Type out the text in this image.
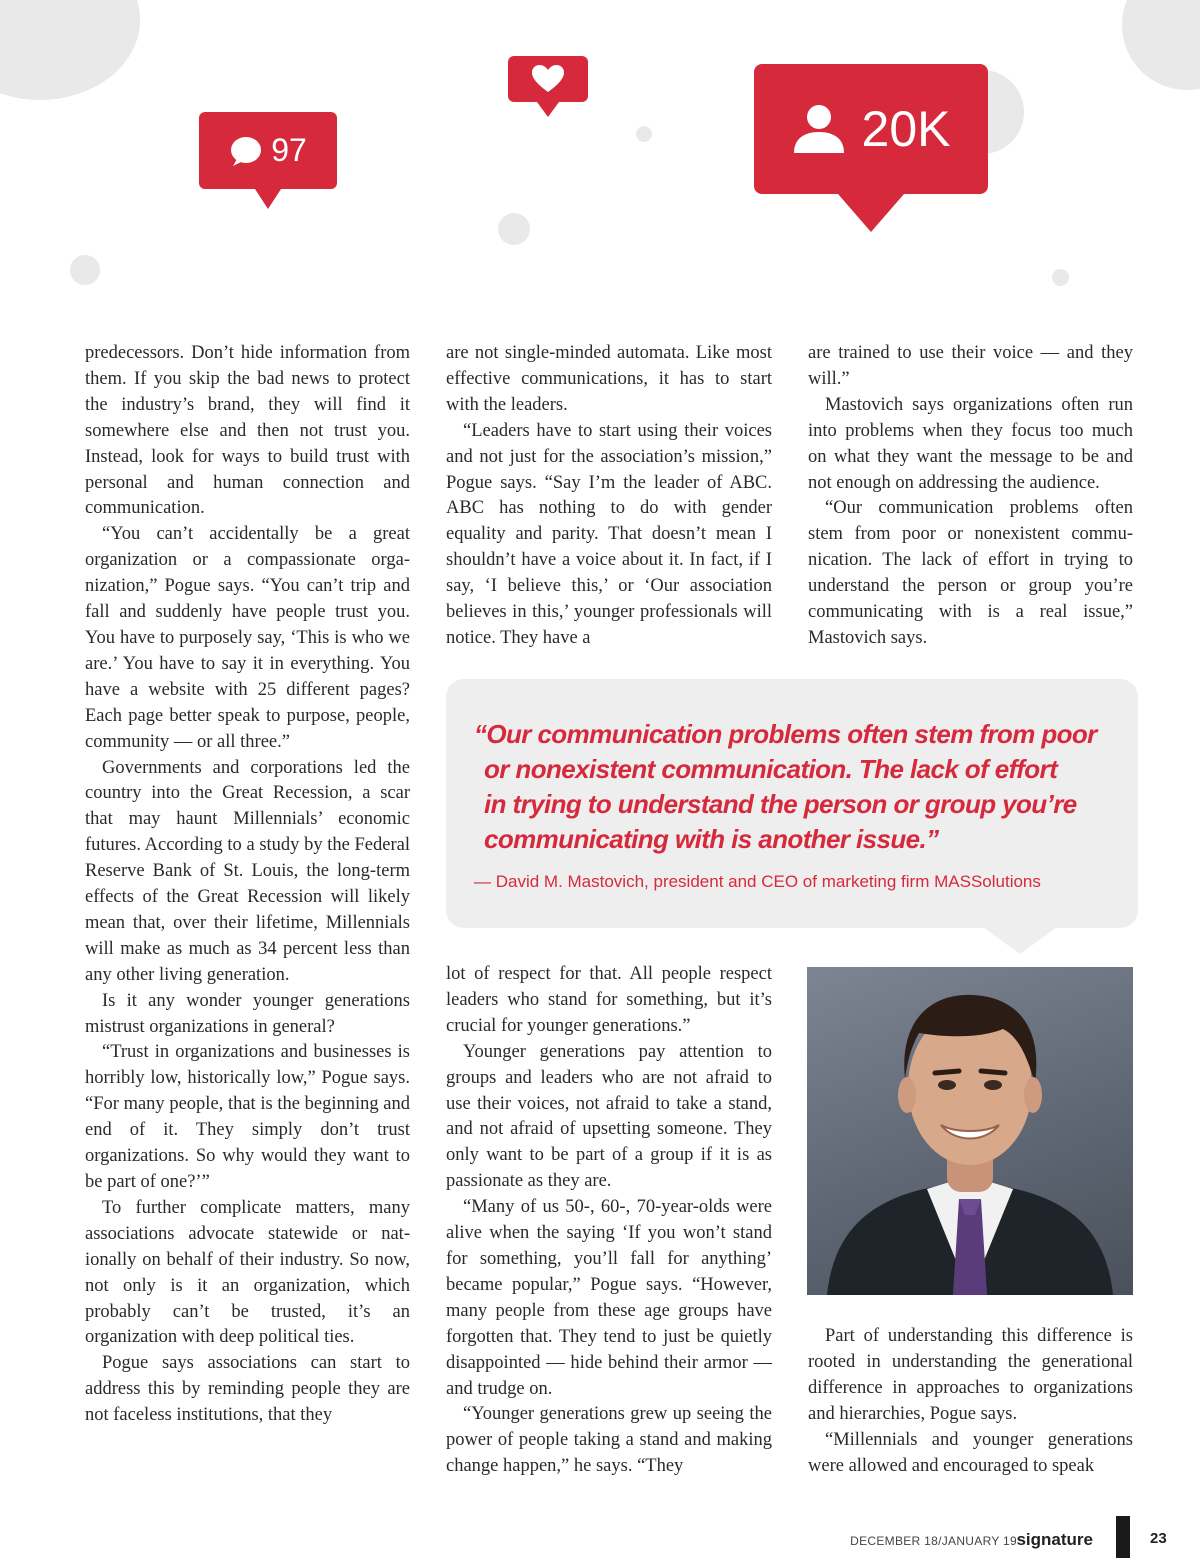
97	20K

predecessors. Don’t hide information from them. If you skip the bad news to protect the industry’s brand, they will find it somewhere else and then not trust you. Instead, look for ways to build trust with personal and human connection and communication.

“You can’t accidentally be a great organization or a compassionate organization,” Pogue says. “You can’t trip and fall and suddenly have people trust you. You have to purposely say, ‘This is who we are.’ You have to say it in everything. You have a website with 25 different pages? Each page better speak to purpose, people, community — or all three.”

Governments and corporations led the country into the Great Recession, a scar that may haunt Millennials’ economic futures. According to a study by the Federal Reserve Bank of St. Louis, the long-term effects of the Great Recession will likely mean that, over their lifetime, Millennials will make as much as 34 percent less than any other living generation.

Is it any wonder younger generations mistrust organizations in general?

“Trust in organizations and businesses is horribly low, historically low,” Pogue says. “For many people, that is the beginning and end of it. They simply don’t trust organizations. So why would they want to be part of one?’”

To further complicate matters, many associations advocate statewide or nationally on behalf of their industry. So now, not only is it an organization, which probably can’t be trusted, it’s an organization with deep political ties.

Pogue says associations can start to address this by reminding people they are not faceless institutions, that they

are not single-minded automata. Like most effective communications, it has to start with the leaders.

“Leaders have to start using their voices and not just for the association’s mission,” Pogue says. “Say I’m the leader of ABC. ABC has nothing to do with gender equality and parity. That doesn’t mean I shouldn’t have a voice about it. In fact, if I say, ‘I believe this,’ or ‘Our association believes in this,’ younger professionals will notice. They have a

are trained to use their voice — and they will.”

Mastovich says organizations often run into problems when they focus too much on what they want the message to be and not enough on addressing the audience.

“Our communication problems often stem from poor or nonexistent communication. The lack of effort in trying to understand the person or group you’re communicating with is a real issue,” Mastovich says.

“Our communication problems often stem from poor
or nonexistent communication. The lack of effort
in trying to understand the person or group you’re
communicating with is another issue.”

— David M. Mastovich, president and CEO of marketing firm MASSolutions

lot of respect for that. All people respect leaders who stand for something, but it’s crucial for younger generations.”

Younger generations pay attention to groups and leaders who are not afraid to use their voices, not afraid to take a stand, and not afraid of upsetting someone. They only want to be part of a group if it is as passionate as they are.

“Many of us 50-, 60-, 70-year-olds were alive when the saying ‘If you won’t stand for something, you’ll fall for anything’ became popular,” Pogue says. “However, many people from these age groups have forgotten that. They tend to just be quietly disappointed — hide behind their armor — and trudge on.

“Younger generations grew up seeing the power of people taking a stand and making change happen,” he says. “They

Part of understanding this difference is rooted in understanding the generational difference in approaches to organizations and hierarchies, Pogue says.

“Millennials and younger generations were allowed and encouraged to speak

DECEMBER 18/JANUARY 19 signature	23
